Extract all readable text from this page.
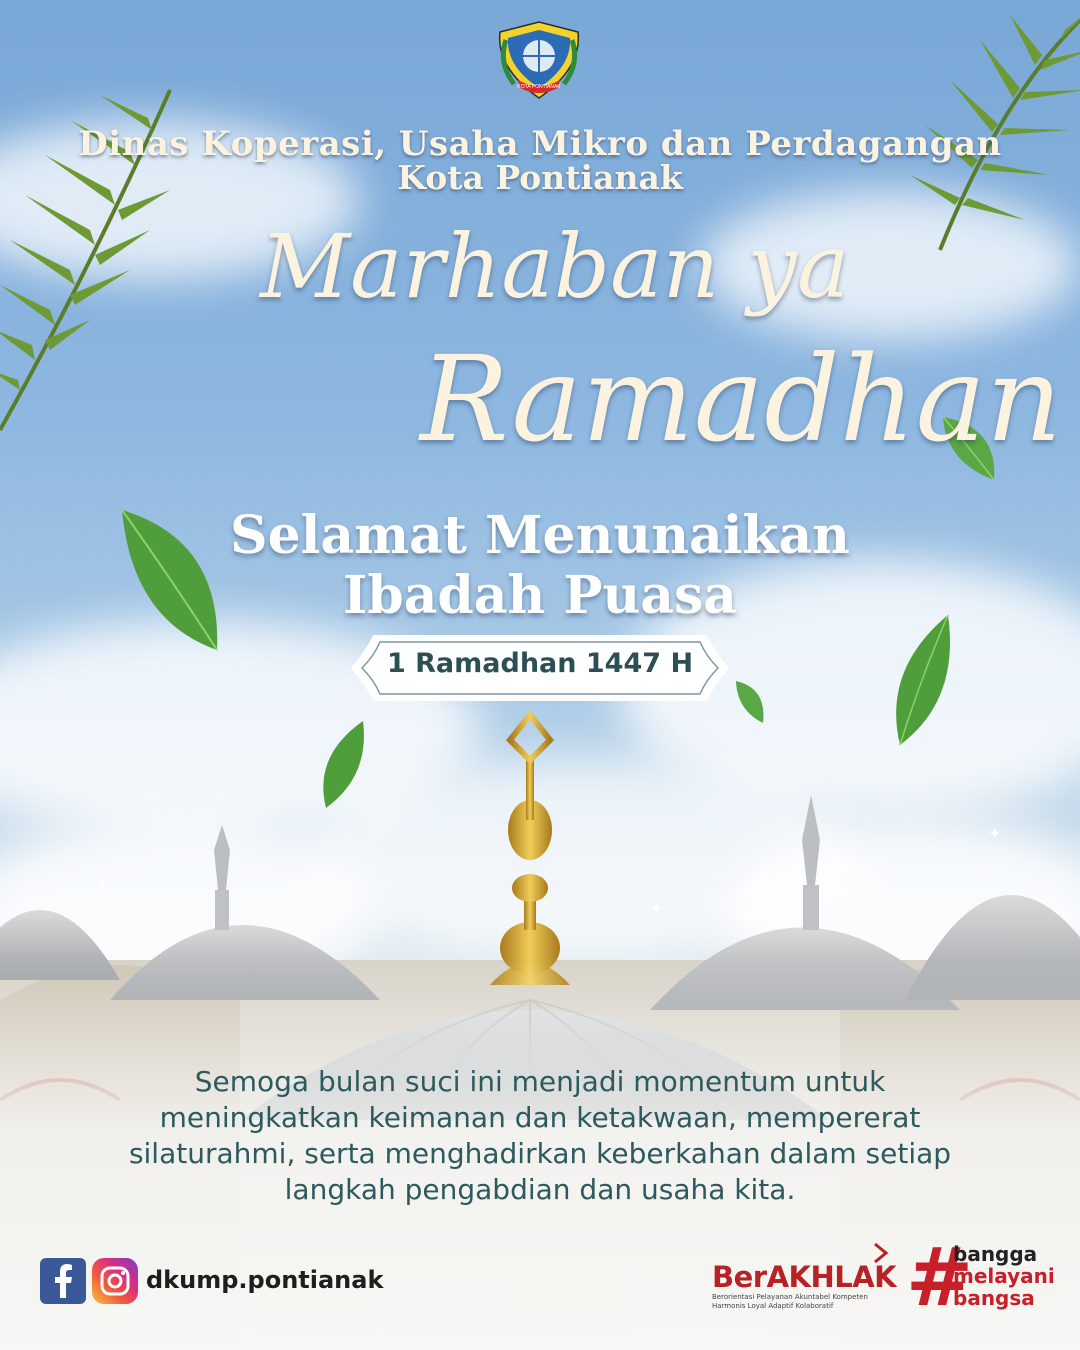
✦
✦
✦
KOTA PONTIANAK
Dinas Koperasi, Usaha Mikro dan Perdagangan
Kota Pontianak
Marhaban ya
Ramadhan
Selamat Menunaikan
Ibadah Puasa
1 Ramadhan 1447 H
Semoga bulan suci ini menjadi momentum untuk meningkatkan keimanan dan ketakwaan, mempererat silaturahmi, serta menghadirkan keberkahan dalam setiap langkah pengabdian dan usaha kita.
dkump.pontianak	BerAKHLAK
Berorientasi Pelayanan Akuntabel Kompeten
Harmonis Loyal Adaptif Kolaboratif #
bangga
melayani
bangsa
